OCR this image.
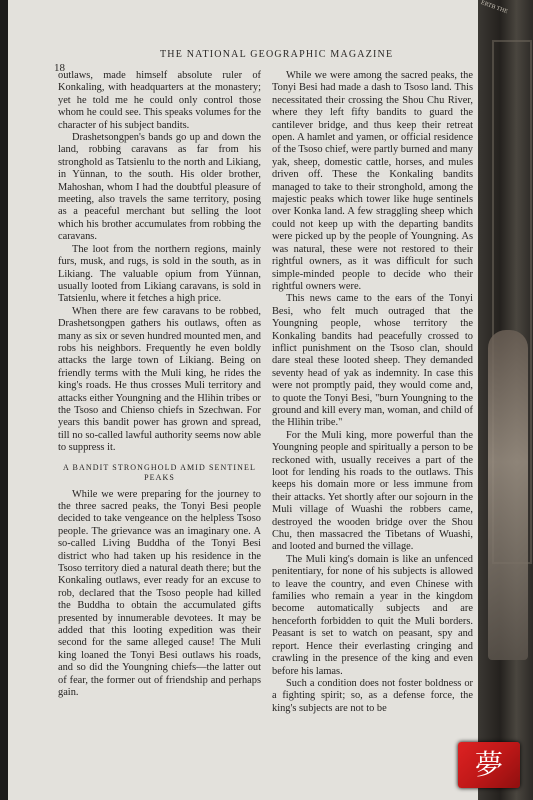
ERTB THE
THE NATIONAL GEOGRAPHIC MAGAZINE
18

outlaws, made himself absolute ruler of Konkaling, with headquarters at the monastery; yet he told me he could only control those whom he could see. This speaks volumes for the character of his subject bandits.

Drashetsongpen's bands go up and down the land, robbing caravans as far from his stronghold as Tatsienlu to the north and Likiang, in Yünnan, to the south. His older brother, Mahoshan, whom I had the doubtful pleasure of meeting, also travels the same territory, posing as a peaceful merchant but selling the loot which his brother accumulates from robbing the caravans.

The loot from the northern regions, mainly furs, musk, and rugs, is sold in the south, as in Likiang. The valuable opium from Yünnan, usually looted from Likiang caravans, is sold in Tatsienlu, where it fetches a high price.

When there are few caravans to be robbed, Drashetsongpen gathers his outlaws, often as many as six or seven hundred mounted men, and robs his neighbors. Frequently he even boldly attacks the large town of Likiang. Being on friendly terms with the Muli king, he rides the king's roads. He thus crosses Muli territory and attacks either Youngning and the Hlihin tribes or the Tsoso and Chienso chiefs in Szechwan. For years this bandit power has grown and spread, till no so-called lawful authority seems now able to suppress it.

A BANDIT STRONGHOLD AMID SENTINEL PEAKS

While we were preparing for the journey to the three sacred peaks, the Tonyi Besi people decided to take vengeance on the helpless Tsoso people. The grievance was an imaginary one. A so-called Living Buddha of the Tonyi Besi district who had taken up his residence in the Tsoso territory died a natural death there; but the Konkaling outlaws, ever ready for an excuse to rob, declared that the Tsoso people had killed the Buddha to obtain the accumulated gifts presented by innumerable devotees. It may be added that this looting expedition was their second for the same alleged cause! The Muli king loaned the Tonyi Besi outlaws his roads, and so did the Youngning chiefs—the latter out of fear, the former out of friendship and perhaps gain.

While we were among the sacred peaks, the Tonyi Besi had made a dash to Tsoso land. This necessitated their crossing the Shou Chu River, where they left fifty bandits to guard the cantilever bridge, and thus keep their retreat open. A hamlet and yamen, or official residence of the Tsoso chief, were partly burned and many yak, sheep, domestic cattle, horses, and mules driven off. These the Konkaling bandits managed to take to their stronghold, among the majestic peaks which tower like huge sentinels over Konka land. A few straggling sheep which could not keep up with the departing bandits were picked up by the people of Youngning. As was natural, these were not restored to their rightful owners, as it was difficult for such simple-minded people to decide who their rightful owners were.

This news came to the ears of the Tonyi Besi, who felt much outraged that the Youngning people, whose territory the Konkaling bandits had peacefully crossed to inflict punishment on the Tsoso clan, should dare steal these looted sheep. They demanded seventy head of yak as indemnity. In case this were not promptly paid, they would come and, to quote the Tonyi Besi, "burn Youngning to the ground and kill every man, woman, and child of the Hlihin tribe."

For the Muli king, more powerful than the Youngning people and spiritually a person to be reckoned with, usually receives a part of the loot for lending his roads to the outlaws. This keeps his domain more or less immune from their attacks. Yet shortly after our sojourn in the Muli village of Wuashi the robbers came, destroyed the wooden bridge over the Shou Chu, then massacred the Tibetans of Wuashi, and looted and burned the village.

The Muli king's domain is like an unfenced penitentiary, for none of his subjects is allowed to leave the country, and even Chinese with families who remain a year in the kingdom become automatically subjects and are henceforth forbidden to quit the Muli borders. Peasant is set to watch on peasant, spy and report. Hence their everlasting cringing and crawling in the presence of the king and even before his lamas.

Such a condition does not foster boldness or a fighting spirit; so, as a defense force, the king's subjects are not to be

夢
